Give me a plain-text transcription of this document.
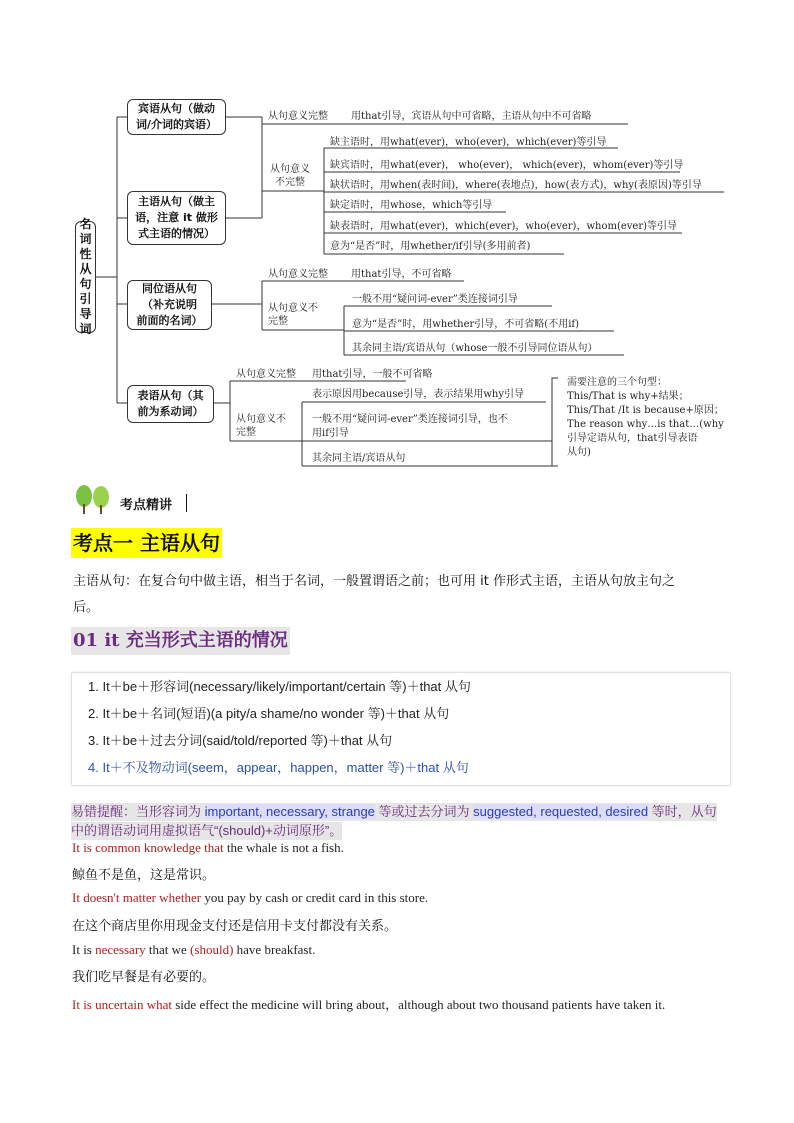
名
词
性
从
句
引
导
词
宾语从句（做动
词/介词的宾语）
主语从句（做主
语，注意 it 做形
式主语的情况）
同位语从句
（补充说明
前面的名词）
表语从句（其
前为系动词）
从句意义完整 用that引导，宾语从句中可省略，主语从句中不可省略
从句意义
不完整
缺主语时，用what(ever)，who(ever)，which(ever)等引导
缺宾语时，用what(ever)， who(ever)， which(ever)，whom(ever)等引导
缺状语时，用when(表时间)，where(表地点)，how(表方式)，why(表原因)等引导
缺定语时，用whose，which等引导
缺表语时，用what(ever)，which(ever)，who(ever)，whom(ever)等引导
意为“是否”时，用whether/if引导(多用前者)
从句意义完整 用that引导，不可省略
从句意义不
完整
一般不用“疑问词-ever”类连接词引导
意为“是否”时，用whether引导，不可省略(不用if)
其余同主语/宾语从句（whose一般不引导同位语从句）
从句意义完整 用that引导，一般不可省略
从句意义不
完整
表示原因用because引导，表示结果用why引导
一般不用“疑问词-ever”类连接词引导，也不
用if引导
其余同主语/宾语从句
需要注意的三个句型：
This/That is why+结果；
This/That /It is because+原因；
The reason why…is that…(why
引导定语从句，that引导表语
从句)
考点精讲
考点一 主语从句
主语从句：在复合句中做主语，相当于名词，一般置谓语之前；也可用 it 作形式主语，主语从句放主句之
后。
01 it 充当形式主语的情况
1. It＋be＋形容词(necessary/likely/important/certain 等)＋that 从句
2. It＋be＋名词(短语)(a pity/a shame/no wonder 等)＋that 从句
3. It＋be＋过去分词(said/told/reported 等)＋that 从句
4. It＋不及物动词(seem，appear，happen，matter 等)＋that 从句
易错提醒：当形容词为 important, necessary, strange 等或过去分词为 suggested, requested, desired 等时，从句
中的谓语动词用虚拟语气“(should)+动词原形”。
It is common knowledge that the whale is not a fish.
鲸鱼不是鱼，这是常识。
It doesn't matter whether you pay by cash or credit card in this store.
在这个商店里你用现金支付还是信用卡支付都没有关系。
It is necessary that we (should) have breakfast.
我们吃早餐是有必要的。
It is uncertain what side effect the medicine will bring about，although about two thousand patients have taken it.
